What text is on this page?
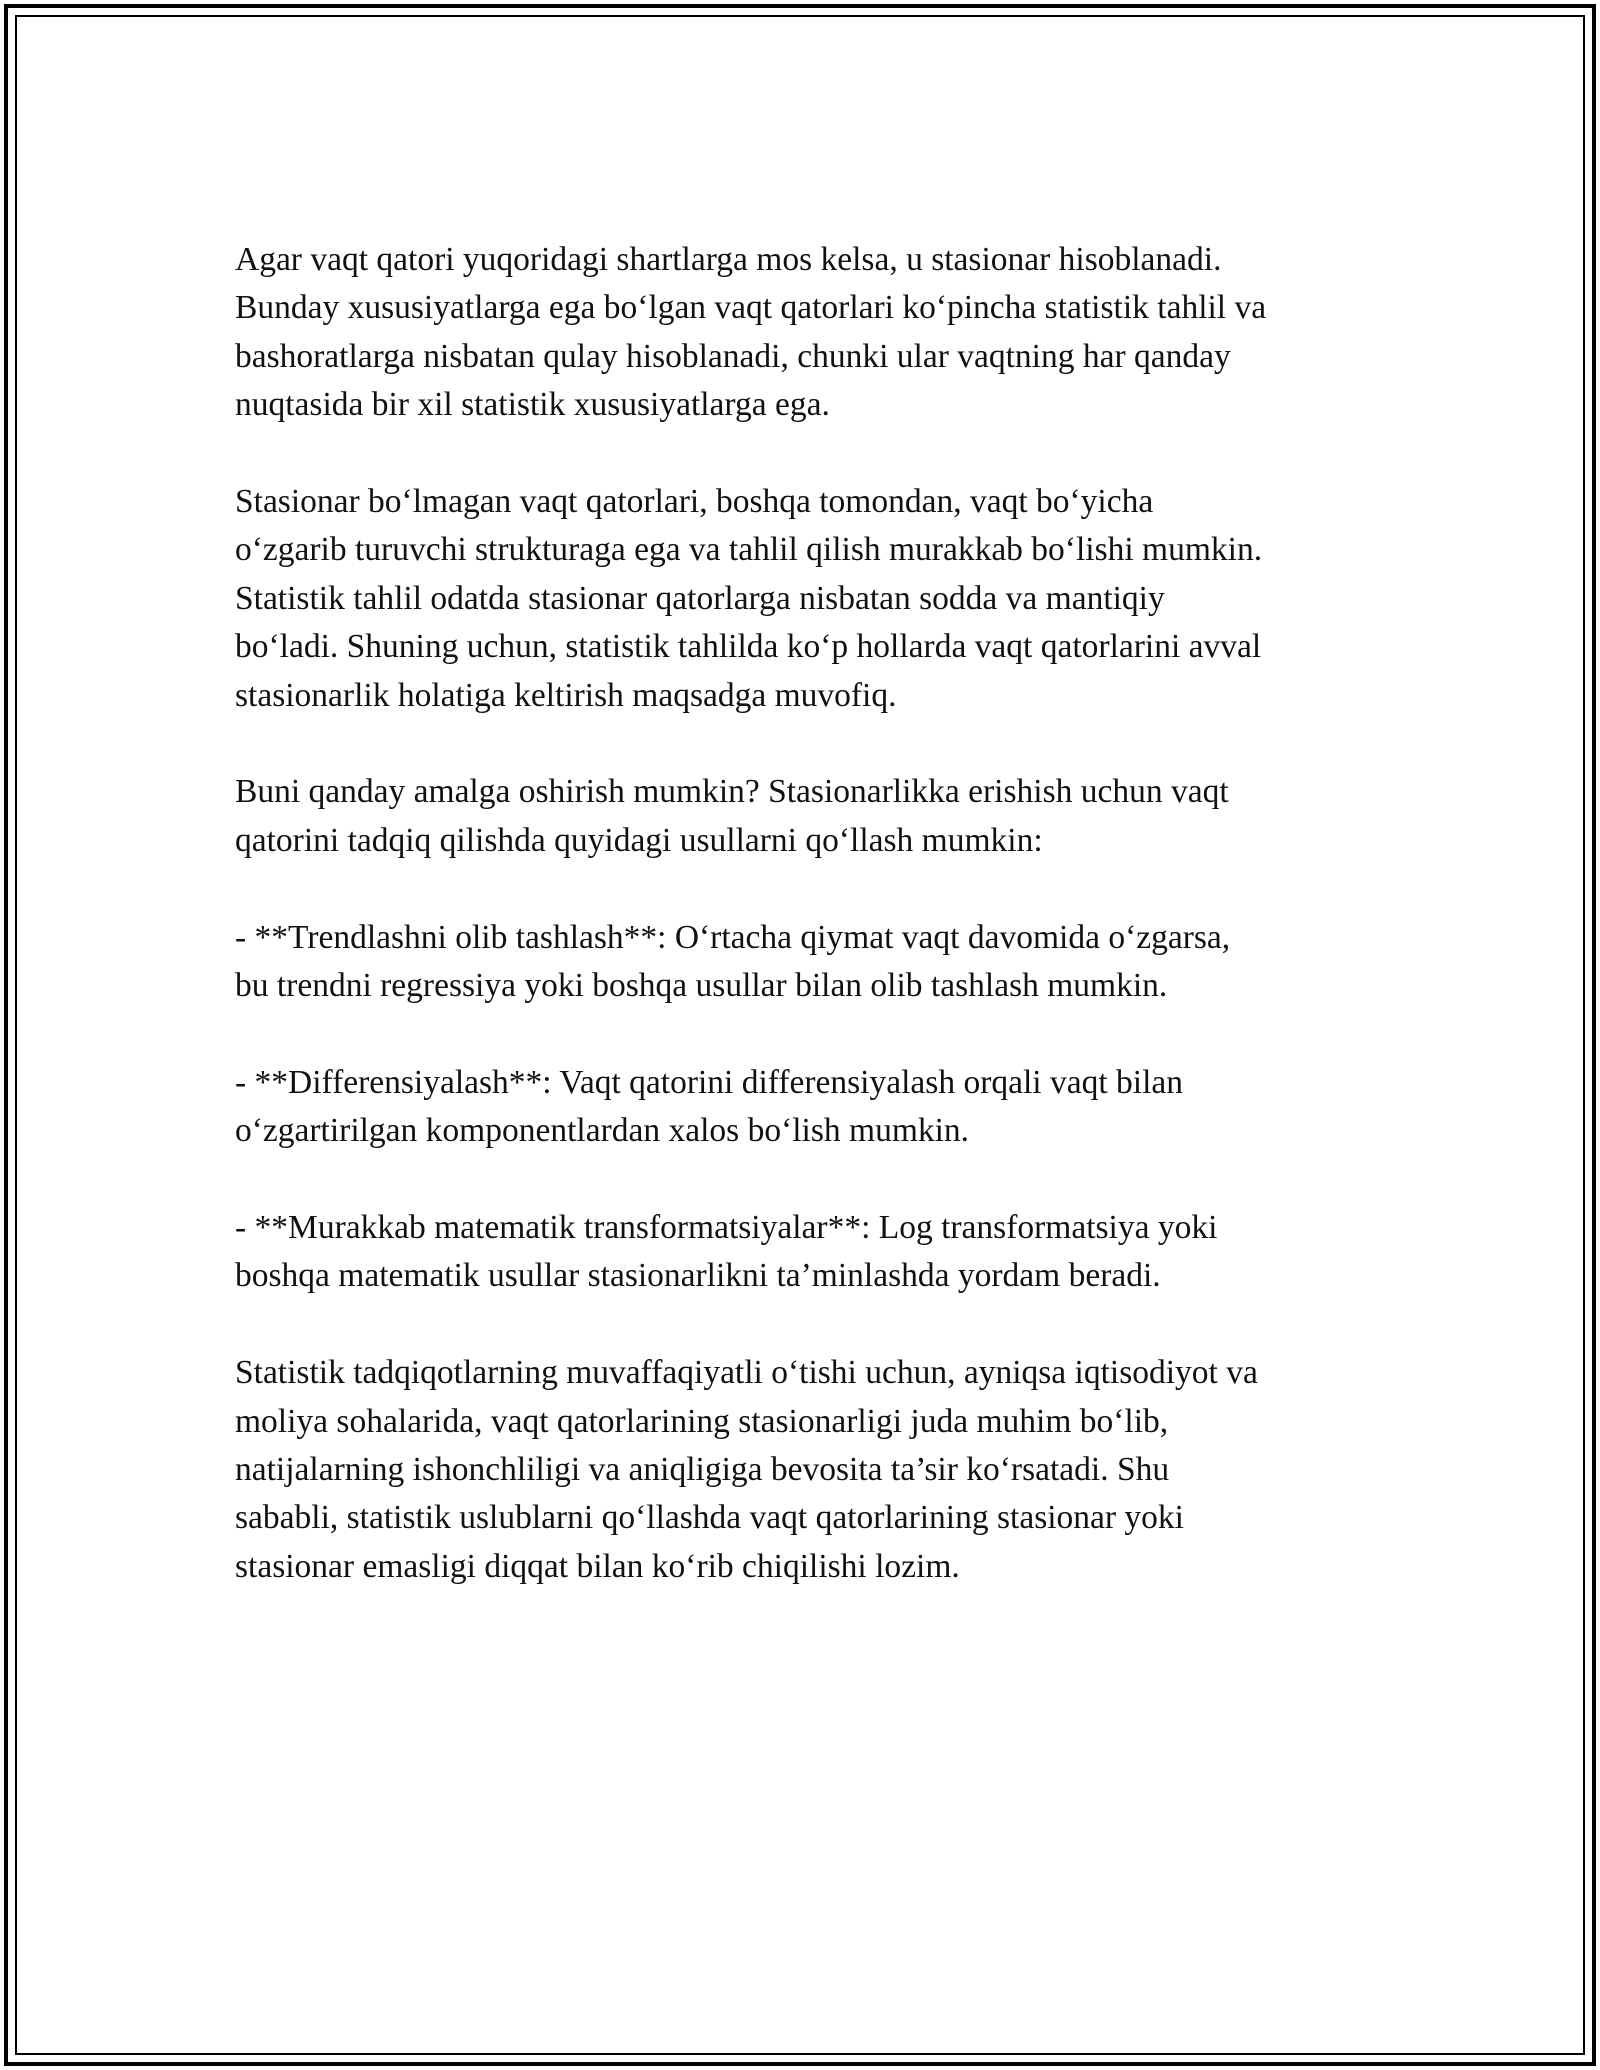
Agar vaqt qatori yuqoridagi shartlarga mos kelsa, u stasionar hisoblanadi.
Bunday xususiyatlarga ega bo‘lgan vaqt qatorlari ko‘pincha statistik tahlil va
bashoratlarga nisbatan qulay hisoblanadi, chunki ular vaqtning har qanday
nuqtasida bir xil statistik xususiyatlarga ega.

Stasionar bo‘lmagan vaqt qatorlari, boshqa tomondan, vaqt bo‘yicha
o‘zgarib turuvchi strukturaga ega va tahlil qilish murakkab bo‘lishi mumkin.
Statistik tahlil odatda stasionar qatorlarga nisbatan sodda va mantiqiy
bo‘ladi. Shuning uchun, statistik tahlilda ko‘p hollarda vaqt qatorlarini avval
stasionarlik holatiga keltirish maqsadga muvofiq.

Buni qanday amalga oshirish mumkin? Stasionarlikka erishish uchun vaqt
qatorini tadqiq qilishda quyidagi usullarni qo‘llash mumkin:

- **Trendlashni olib tashlash**: O‘rtacha qiymat vaqt davomida o‘zgarsa,
bu trendni regressiya yoki boshqa usullar bilan olib tashlash mumkin.

- **Differensiyalash**: Vaqt qatorini differensiyalash orqali vaqt bilan
o‘zgartirilgan komponentlardan xalos bo‘lish mumkin.

- **Murakkab matematik transformatsiyalar**: Log transformatsiya yoki
boshqa matematik usullar stasionarlikni ta’minlashda yordam beradi.

Statistik tadqiqotlarning muvaffaqiyatli o‘tishi uchun, ayniqsa iqtisodiyot va
moliya sohalarida, vaqt qatorlarining stasionarligi juda muhim bo‘lib,
natijalarning ishonchliligi va aniqligiga bevosita ta’sir ko‘rsatadi. Shu
sababli, statistik uslublarni qo‘llashda vaqt qatorlarining stasionar yoki
stasionar emasligi diqqat bilan ko‘rib chiqilishi lozim.
